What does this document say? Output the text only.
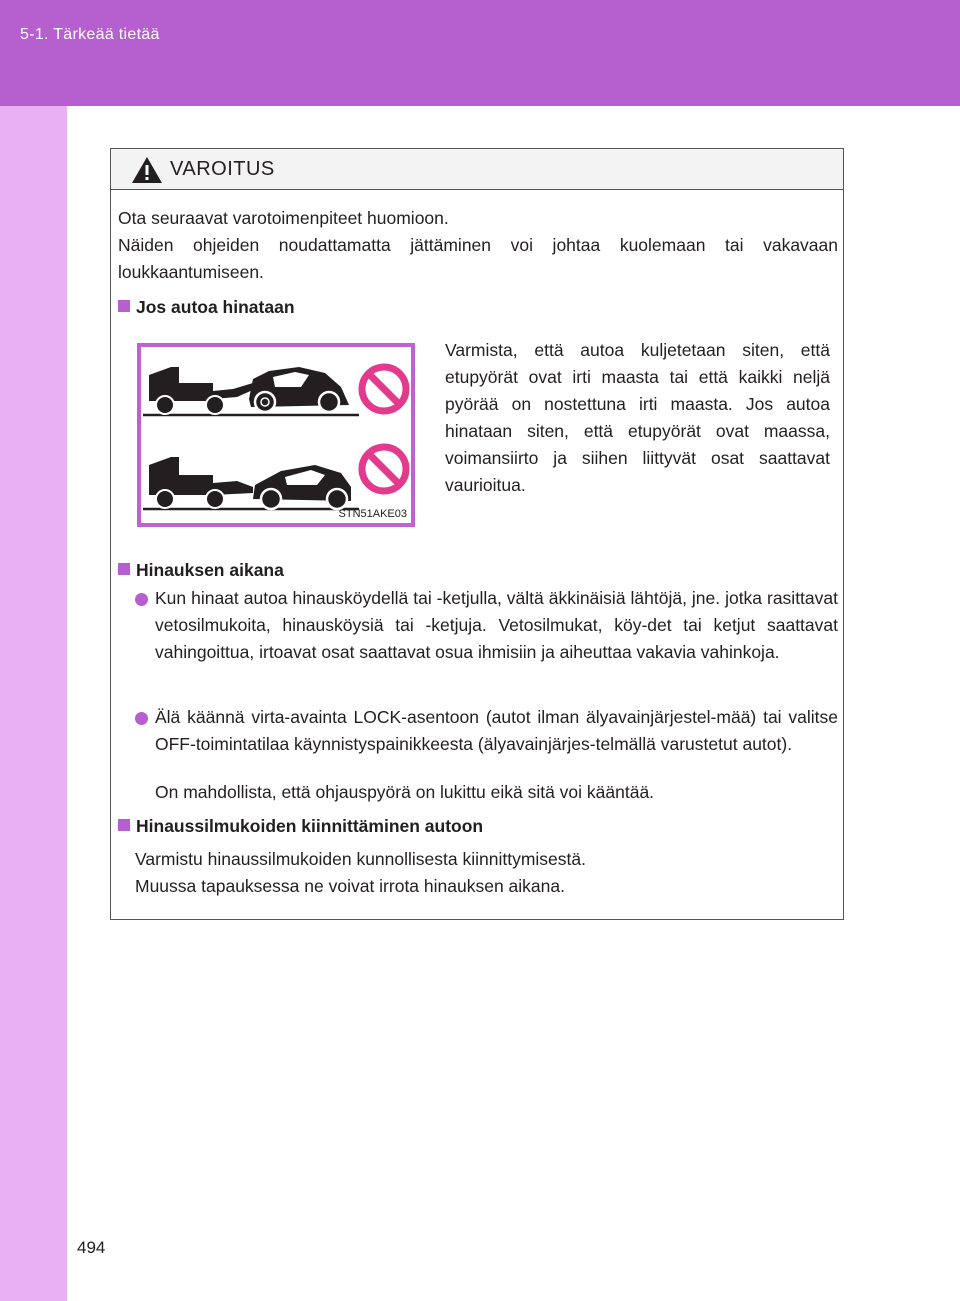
5-1. Tärkeää tietää
494
VAROITUS
Ota seuraavat varotoimenpiteet huomioon.
Näiden ohjeiden noudattamatta jättäminen voi johtaa kuolemaan tai vakavaan loukkaantumiseen.
Jos autoa hinataan
STN51AKE03
Varmista, että autoa kuljetetaan siten, että etupyörät ovat irti maasta tai että kaikki neljä pyörää on nostettuna irti maasta. Jos autoa hinataan siten, että etupyörät ovat maassa, voimansiirto ja siihen liittyvät osat saattavat vaurioitua.
Hinauksen aikana
Kun hinaat autoa hinausköydellä tai -ketjulla, vältä äkkinäisiä lähtöjä, jne. jotka rasittavat vetosilmukoita, hinausköysiä tai -ketjuja. Vetosilmukat, köy-det tai ketjut saattavat vahingoittua, irtoavat osat saattavat osua ihmisiin ja aiheuttaa vakavia vahinkoja.
Älä käännä virta-avainta LOCK-asentoon (autot ilman älyavainjärjestel-mää) tai valitse OFF-toimintatilaa käynnistyspainikkeesta (älyavainjärjes-telmällä varustetut autot).
On mahdollista, että ohjauspyörä on lukittu eikä sitä voi kääntää.
Hinaussilmukoiden kiinnittäminen autoon
Varmistu hinaussilmukoiden kunnollisesta kiinnittymisestä.
Muussa tapauksessa ne voivat irrota hinauksen aikana.
